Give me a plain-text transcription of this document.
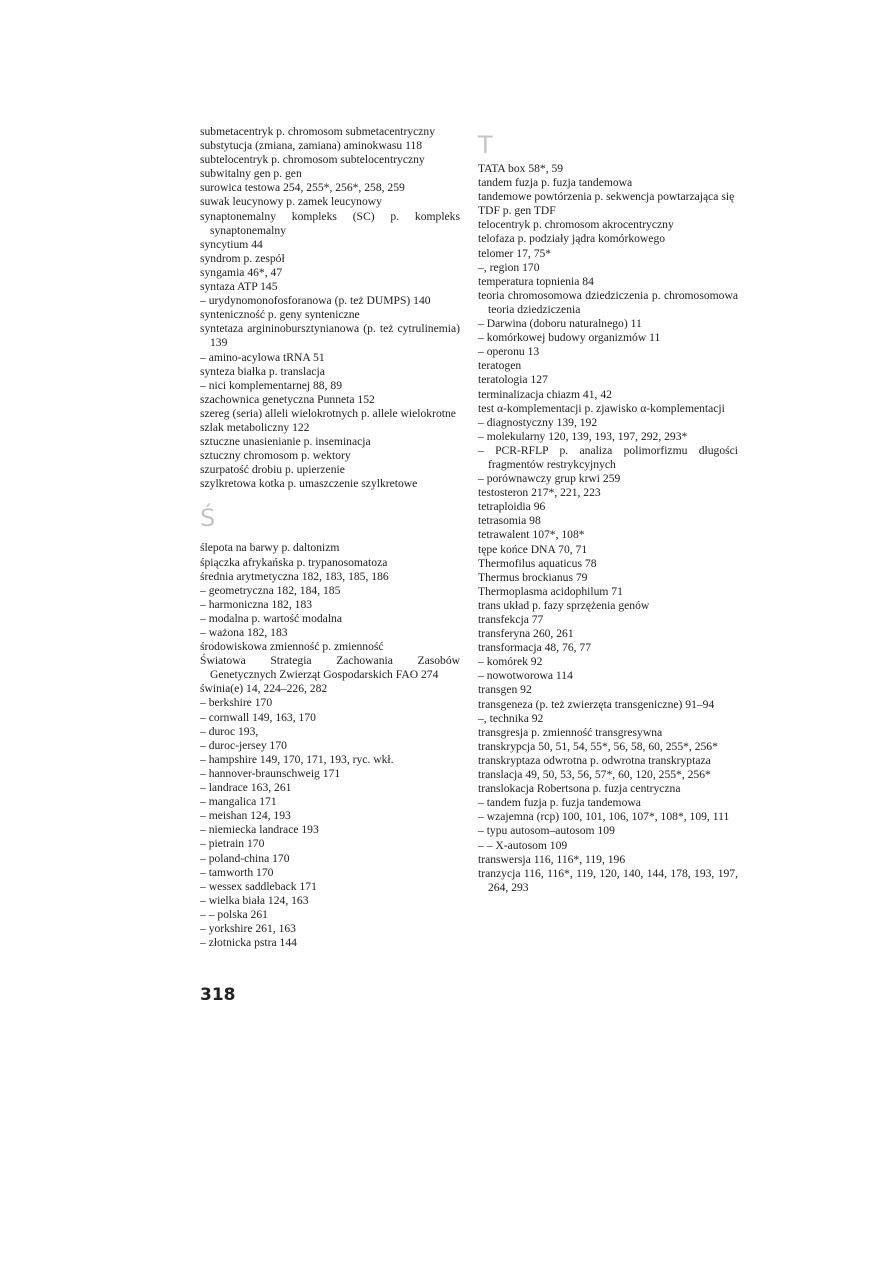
submetacentryk p. chromosom submetacentryczny
substytucja (zmiana, zamiana) aminokwasu 118
subtelocentryk p. chromosom subtelocentryczny
subwitalny gen p. gen
surowica testowa 254, 255*, 256*, 258, 259
suwak leucynowy p. zamek leucynowy
synaptonemalny kompleks (SC) p. kompleks synaptonemalny
syncytium 44
syndrom p. zespół
syngamia 46*, 47
syntaza ATP 145
– urydynomonofosforanowa (p. też DUMPS) 140
synteniczność p. geny synteniczne
syntetaza argininobursztynianowa (p. też cytrulinemia) 139
– amino-acylowa tRNA 51
synteza białka p. translacja
– nici komplementarnej 88, 89
szachownica genetyczna Punneta 152
szereg (seria) alleli wielokrotnych p. allele wielokrotne
szlak metaboliczny 122
sztuczne unasienianie p. inseminacja
sztuczny chromosom p. wektory
szurpatość drobiu p. upierzenie
szylkretowa kotka p. umaszczenie szylkretowe
Ś
ślepota na barwy p. daltonizm
śpiączka afrykańska p. trypanosomatoza
średnia arytmetyczna 182, 183, 185, 186
– geometryczna 182, 184, 185
– harmoniczna 182, 183
– modalna p. wartość modalna
– ważona 182, 183
środowiskowa zmienność p. zmienność
Światowa Strategia Zachowania Zasobów Genetycznych Zwierząt Gospodarskich FAO 274
świnia(e) 14, 224–226, 282
– berkshire 170
– cornwall 149, 163, 170
– duroc 193,
– duroc-jersey 170
– hampshire 149, 170, 171, 193, ryc. wkł.
– hannover-braunschweig 171
– landrace 163, 261
– mangalica 171
– meishan 124, 193
– niemiecka landrace 193
– pietrain 170
– poland-china 170
– tamworth 170
– wessex saddleback 171
– wielka biała 124, 163
– – polska 261
– yorkshire 261, 163
– złotnicka pstra 144
T
TATA box 58*, 59
tandem fuzja p. fuzja tandemowa
tandemowe powtórzenia p. sekwencja powtarzająca się
TDF p. gen TDF
telocentryk p. chromosom akrocentryczny
telofaza p. podziały jądra komórkowego
telomer 17, 75*
–, region 170
temperatura topnienia 84
teoria chromosomowa dziedziczenia p. chromosomowa teoria dziedziczenia
– Darwina (doboru naturalnego) 11
– komórkowej budowy organizmów 11
– operonu 13
teratogen
teratologia 127
terminalizacja chiazm 41, 42
test α-komplementacji p. zjawisko α-komplementacji
– diagnostyczny 139, 192
– molekularny 120, 139, 193, 197, 292, 293*
– PCR-RFLP p. analiza polimorfizmu długości fragmentów restrykcyjnych
– porównawczy grup krwi 259
testosteron 217*, 221, 223
tetraploidia 96
tetrasomia 98
tetrawalent 107*, 108*
tępe końce DNA 70, 71
Thermofilus aquaticus 78
Thermus brockianus 79
Thermoplasma acidophilum 71
trans układ p. fazy sprzężenia genów
transfekcja 77
transferyna 260, 261
transformacja 48, 76, 77
– komórek 92
– nowotworowa 114
transgen 92
transgeneza (p. też zwierzęta transgeniczne) 91–94
–, technika 92
transgresja p. zmienność transgresywna
transkrypcja 50, 51, 54, 55*, 56, 58, 60, 255*, 256*
transkryptaza odwrotna p. odwrotna transkryptaza
translacja 49, 50, 53, 56, 57*, 60, 120, 255*, 256*
translokacja Robertsona p. fuzja centryczna
– tandem fuzja p. fuzja tandemowa
– wzajemna (rcp) 100, 101, 106, 107*, 108*, 109, 111
– typu autosom–autosom 109
– – X-autosom 109
transwersja 116, 116*, 119, 196
tranzycja 116, 116*, 119, 120, 140, 144, 178, 193, 197, 264, 293
318
